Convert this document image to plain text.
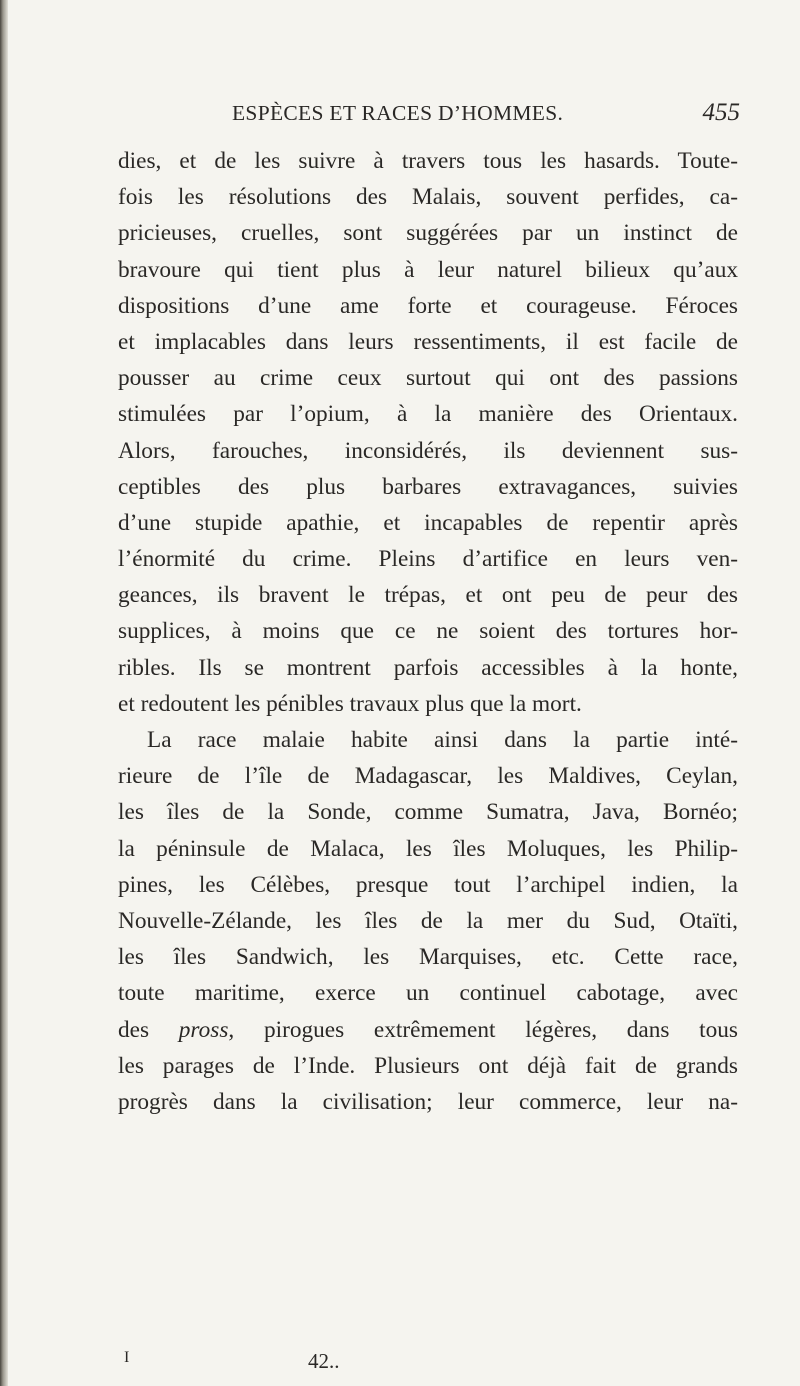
ESPÈCES ET RACES D’HOMMES.	455
dies, et de les suivre à travers tous les hasards. Toute-
fois les résolutions des Malais, souvent perfides, ca-
pricieuses, cruelles, sont suggérées par un instinct de
bravoure qui tient plus à leur naturel bilieux qu’aux
dispositions d’une ame forte et courageuse. Féroces
et implacables dans leurs ressentiments, il est facile de
pousser au crime ceux surtout qui ont des passions
stimulées par l’opium, à la manière des Orientaux.
Alors, farouches, inconsidérés, ils deviennent sus-
ceptibles des plus barbares extravagances, suivies
d’une stupide apathie, et incapables de repentir après
l’énormité du crime. Pleins d’artifice en leurs ven-
geances, ils bravent le trépas, et ont peu de peur des
supplices, à moins que ce ne soient des tortures hor-
ribles. Ils se montrent parfois accessibles à la honte,
et redoutent les pénibles travaux plus que la mort.
La race malaie habite ainsi dans la partie inté-
rieure de l’île de Madagascar, les Maldives, Ceylan,
les îles de la Sonde, comme Sumatra, Java, Bornéo;
la péninsule de Malaca, les îles Moluques, les Philip-
pines, les Célèbes, presque tout l’archipel indien, la
Nouvelle-Zélande, les îles de la mer du Sud, Otaïti,
les îles Sandwich, les Marquises, etc. Cette race,
toute maritime, exerce un continuel cabotage, avec
des pross, pirogues extrêmement légères, dans tous
les parages de l’Inde. Plusieurs ont déjà fait de grands
progrès dans la civilisation; leur commerce, leur na-
I	42..
